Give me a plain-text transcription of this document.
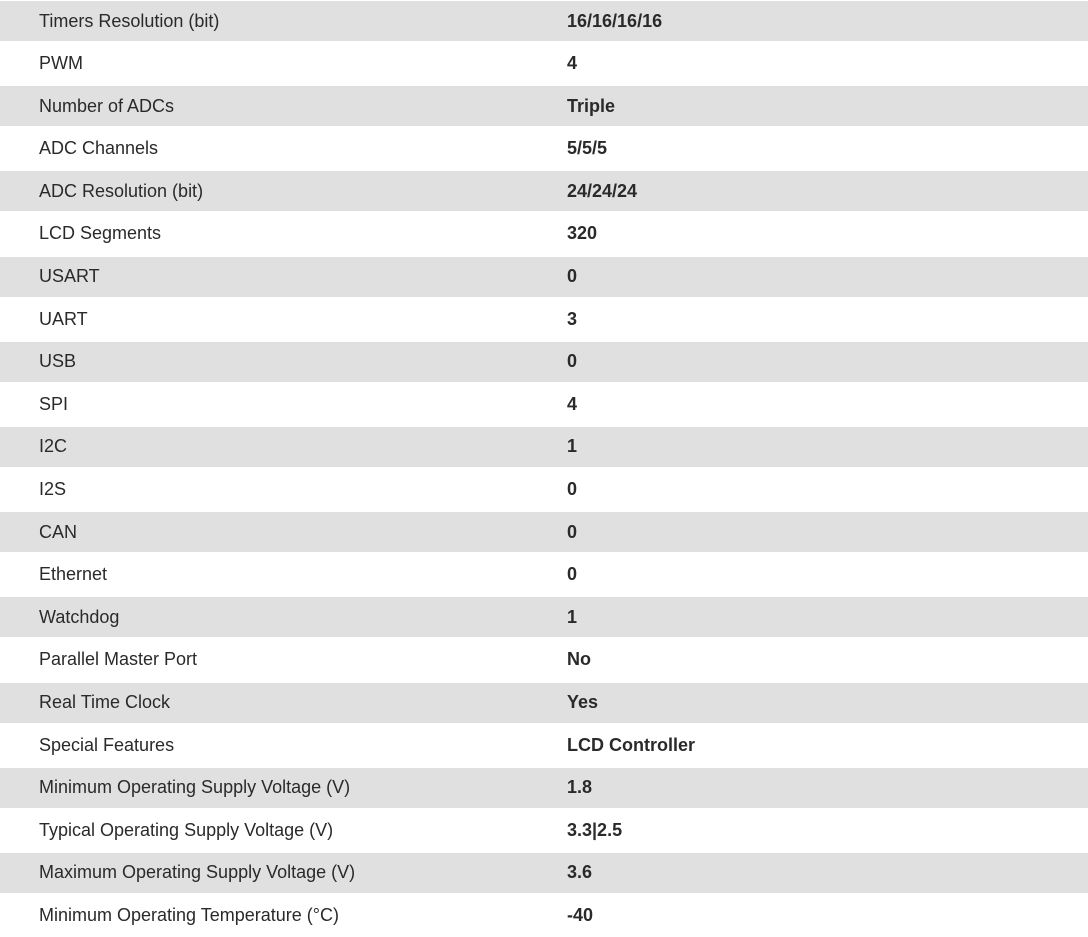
Timers Resolution (bit)	16/16/16/16
PWM	4
Number of ADCs	Triple
ADC Channels	5/5/5
ADC Resolution (bit)	24/24/24
LCD Segments	320
USART	0
UART	3
USB	0
SPI	4
I2C	1
I2S	0
CAN	0
Ethernet	0
Watchdog	1
Parallel Master Port	No
Real Time Clock	Yes
Special Features	LCD Controller
Minimum Operating Supply Voltage (V)	1.8
Typical Operating Supply Voltage (V)	3.3|2.5
Maximum Operating Supply Voltage (V)	3.6
Minimum Operating Temperature (°C)	-40
